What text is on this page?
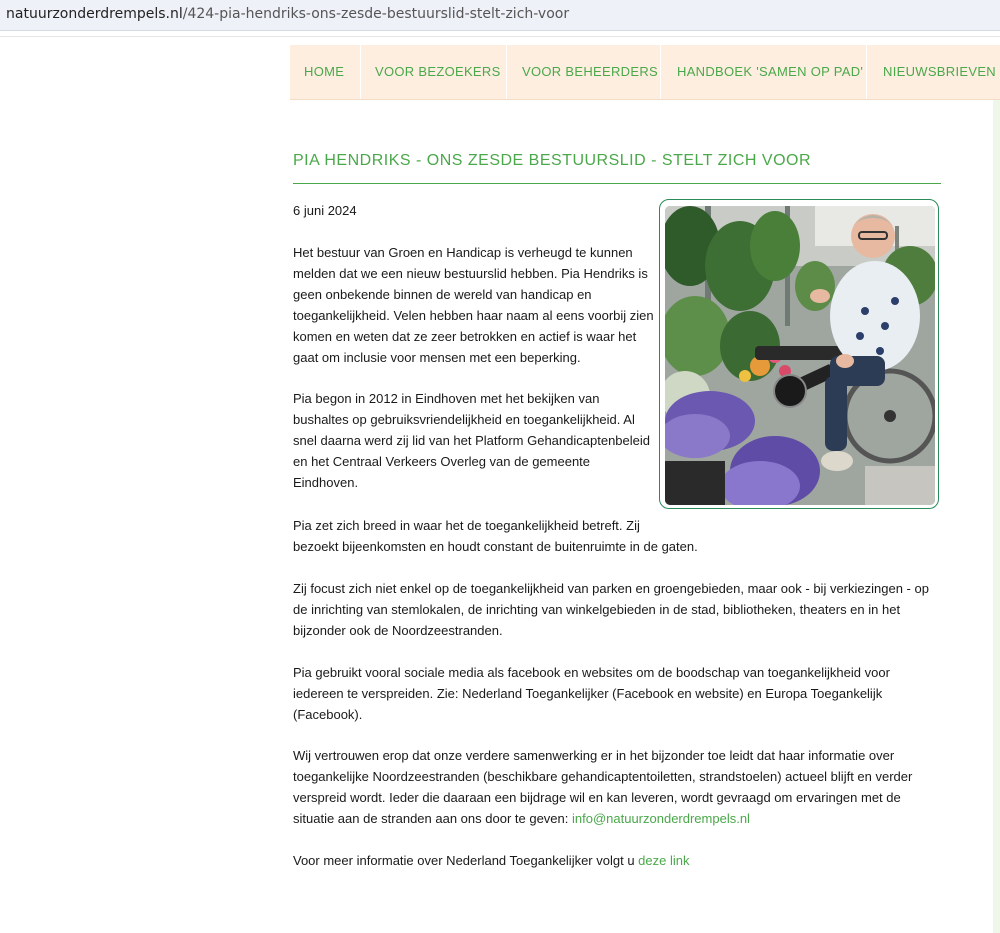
natuurzonderdrempels.nl/424-pia-hendriks-ons-zesde-bestuurslid-stelt-zich-voor
HOME VOOR BEZOEKERS VOOR BEHEERDERS HANDBOEK 'SAMEN OP PAD' NIEUWSBRIEVEN
PIA HENDRIKS - ONS ZESDE BESTUURSLID - STELT ZICH VOOR
6 juni 2024
Het bestuur van Groen en Handicap is verheugd te kunnen
melden dat we een nieuw bestuurslid hebben. Pia Hendriks is
geen onbekende binnen de wereld van handicap en
toegankelijkheid. Velen hebben haar naam al eens voorbij zien
komen en weten dat ze zeer betrokken en actief is waar het
gaat om inclusie voor mensen met een beperking.
Pia begon in 2012 in Eindhoven met het bekijken van
bushaltes op gebruiksvriendelijkheid en toegankelijkheid. Al
snel daarna werd zij lid van het Platform Gehandicaptenbeleid
en het Centraal Verkeers Overleg van de gemeente
Eindhoven.
Pia zet zich breed in waar het de toegankelijkheid betreft. Zij
bezoekt bijeenkomsten en houdt constant de buitenruimte in de gaten.
Zij focust zich niet enkel op de toegankelijkheid van parken en groengebieden, maar ook - bij verkiezingen - op
de inrichting van stemlokalen, de inrichting van winkelgebieden in de stad, bibliotheken, theaters en in het
bijzonder ook de Noordzeestranden.
Pia gebruikt vooral sociale media als facebook en websites om de boodschap van toegankelijkheid voor
iedereen te verspreiden. Zie: Nederland Toegankelijker (Facebook en website) en Europa Toegankelijk
(Facebook).
Wij vertrouwen erop dat onze verdere samenwerking er in het bijzonder toe leidt dat haar informatie over
toegankelijke Noordzeestranden (beschikbare gehandicaptentoiletten, strandstoelen) actueel blijft en verder
verspreid wordt. Ieder die daaraan een bijdrage wil en kan leveren, wordt gevraagd om ervaringen met de
situatie aan de stranden aan ons door te geven: info@natuurzonderdrempels.nl
Voor meer informatie over Nederland Toegankelijker volgt u deze link
